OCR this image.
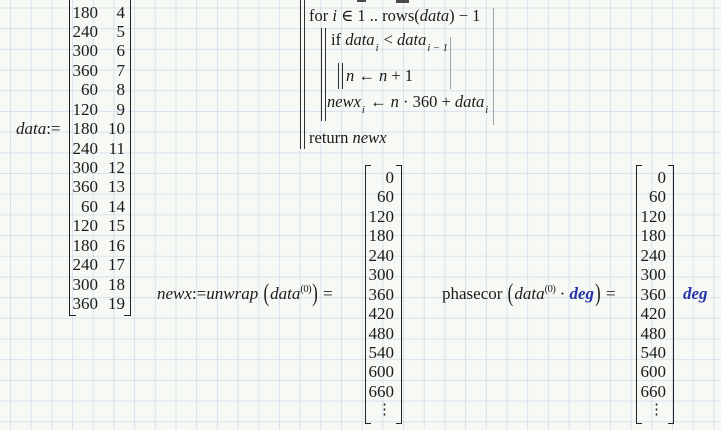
data:=
180	4
240	5
300	6
360	7
60	8
120	9
180 10
240 11
300 12
360 13
60 14
120 15
180 16
240 17
300 18
360 19
for i ∈ 1 .. rows(data) − 1
if data$_i$ < data$_{i - 1}$
n ← n + 1
newx$_i$ ← n · 360 + data$_i$
return newx
newx:=unwrap (data$^{(0)}$) =
0
60
120
180
240
300
360
420
480
540
600
660
⋮
phasecor (data$^{(0)}$ · deg) =
0
60
120
180
240
300
360
420
480
540
600
660
⋮
deg
